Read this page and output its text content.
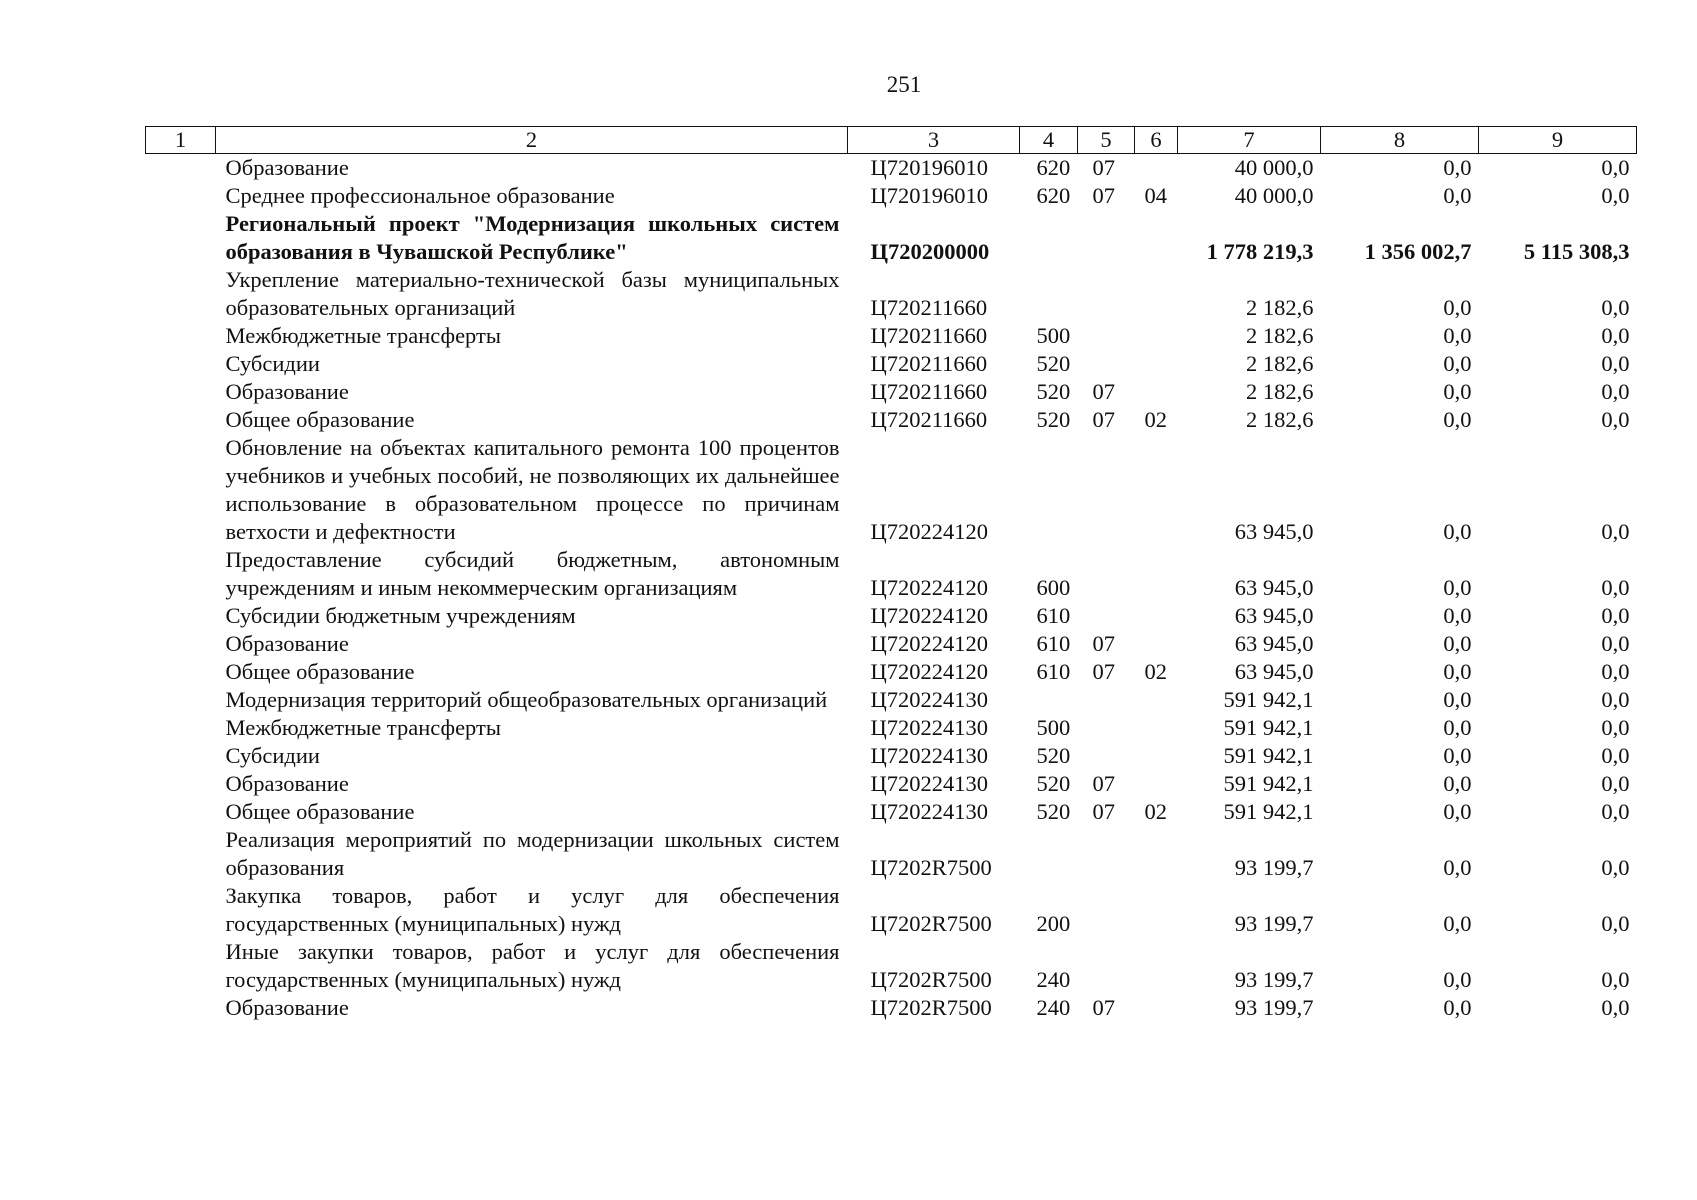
251
1	2	3	4	5	6	7	8	9
	Образование	Ц720196010	620	07		40 000,0	0,0	0,0
	Среднее профессиональное образование	Ц720196010	620	07	04	40 000,0	0,0	0,0
	Региональный проект "Модернизация школьных систем образования в Чувашской Республике"	Ц720200000				1 778 219,3	1 356 002,7	5 115 308,3
	Укрепление материально-технической базы муниципальных образовательных организаций	Ц720211660				2 182,6	0,0	0,0
	Межбюджетные трансферты	Ц720211660	500			2 182,6	0,0	0,0
	Субсидии	Ц720211660	520			2 182,6	0,0	0,0
	Образование	Ц720211660	520	07		2 182,6	0,0	0,0
	Общее образование	Ц720211660	520	07	02	2 182,6	0,0	0,0
	Обновление на объектах капитального ремонта 100 процентов учебников и учебных пособий, не позволяющих их дальнейшее использование в образовательном процессе по причинам ветхости и дефектности	Ц720224120				63 945,0	0,0	0,0
	Предоставление субсидий бюджетным, автономным учреждениям и иным некоммерческим организациям	Ц720224120	600			63 945,0	0,0	0,0
	Субсидии бюджетным учреждениям	Ц720224120	610			63 945,0	0,0	0,0
	Образование	Ц720224120	610	07		63 945,0	0,0	0,0
	Общее образование	Ц720224120	610	07	02	63 945,0	0,0	0,0
	Модернизация территорий общеобразовательных организаций	Ц720224130				591 942,1	0,0	0,0
	Межбюджетные трансферты	Ц720224130	500			591 942,1	0,0	0,0
	Субсидии	Ц720224130	520			591 942,1	0,0	0,0
	Образование	Ц720224130	520	07		591 942,1	0,0	0,0
	Общее образование	Ц720224130	520	07	02	591 942,1	0,0	0,0
	Реализация мероприятий по модернизации школьных систем образования	Ц7202R7500				93 199,7	0,0	0,0
	Закупка товаров, работ и услуг для обеспечения государственных (муниципальных) нужд	Ц7202R7500	200			93 199,7	0,0	0,0
	Иные закупки товаров, работ и услуг для обеспечения государственных (муниципальных) нужд	Ц7202R7500	240			93 199,7	0,0	0,0
	Образование	Ц7202R7500	240	07		93 199,7	0,0	0,0
